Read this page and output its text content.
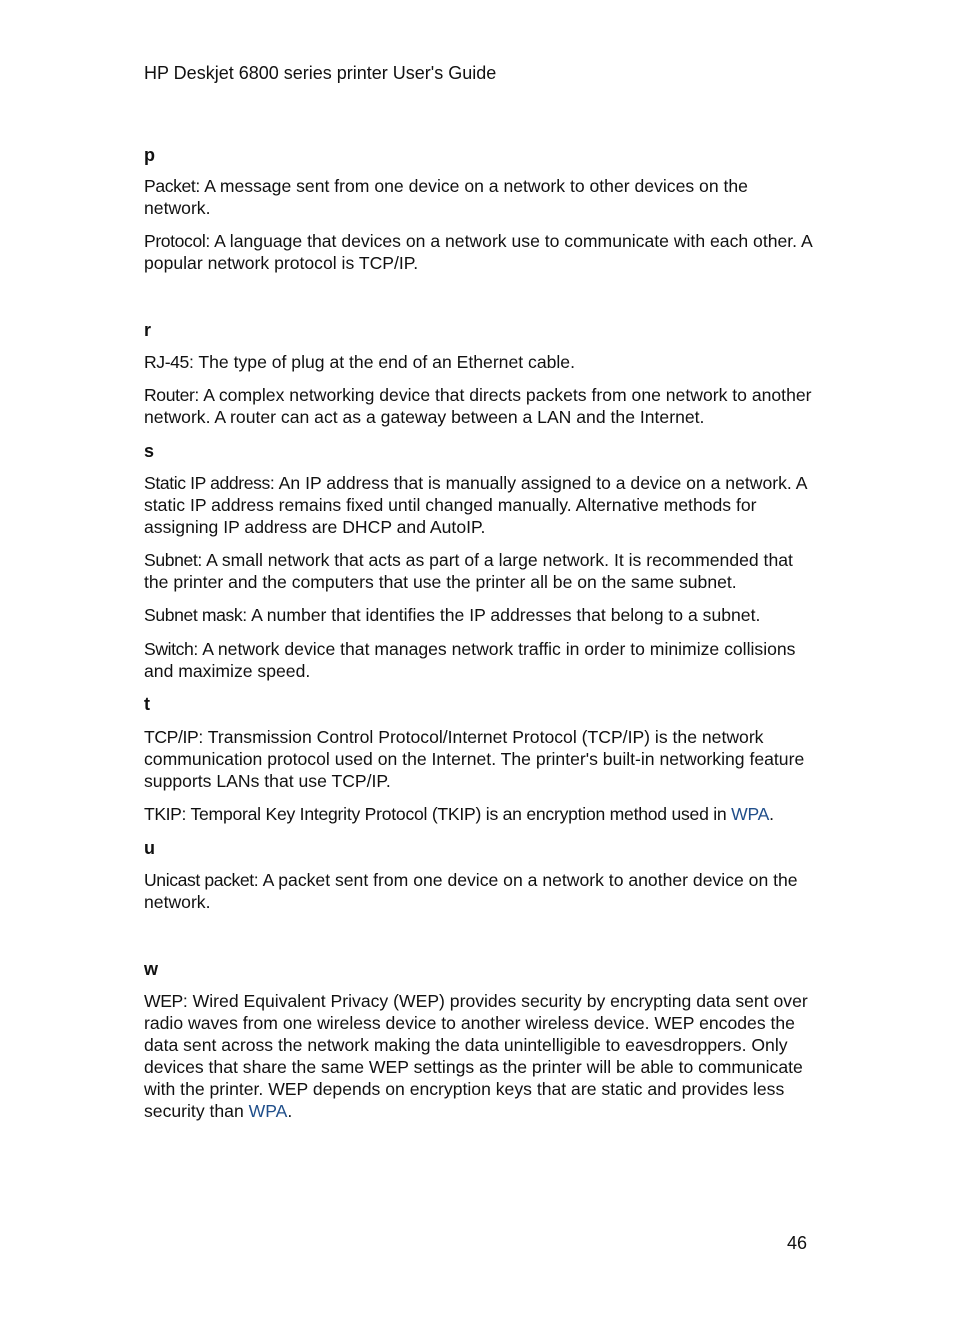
HP Deskjet 6800 series printer User's Guide
p

Packet: A message sent from one device on a network to other devices on the network.

Protocol: A language that devices on a network use to communicate with each other. A popular network protocol is TCP/IP.

r

RJ-45: The type of plug at the end of an Ethernet cable.

Router: A complex networking device that directs packets from one network to another network. A router can act as a gateway between a LAN and the Internet.

s

Static IP address: An IP address that is manually assigned to a device on a network. A static IP address remains fixed until changed manually. Alternative methods for assigning IP address are DHCP and AutoIP.

Subnet: A small network that acts as part of a large network. It is recommended that the printer and the computers that use the printer all be on the same subnet.

Subnet mask: A number that identifies the IP addresses that belong to a subnet.

Switch: A network device that manages network traffic in order to minimize collisions and maximize speed.

t

TCP/IP: Transmission Control Protocol/Internet Protocol (TCP/IP) is the network communication protocol used on the Internet. The printer's built-in networking feature supports LANs that use TCP/IP.

TKIP: Temporal Key Integrity Protocol (TKIP) is an encryption method used in WPA.

u

Unicast packet: A packet sent from one device on a network to another device on the network.

w

WEP: Wired Equivalent Privacy (WEP) provides security by encrypting data sent over radio waves from one wireless device to another wireless device. WEP encodes the data sent across the network making the data unintelligible to eavesdroppers. Only devices that share the same WEP settings as the printer will be able to communicate with the printer. WEP depends on encryption keys that are static and provides less security than WPA.

46
